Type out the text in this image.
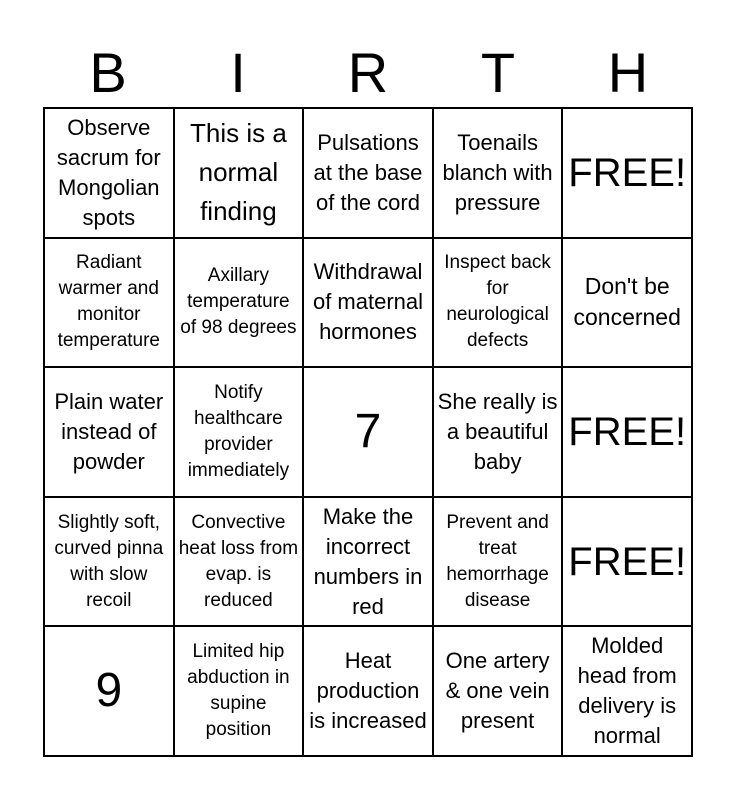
B	I	R	T	H
Observe sacrum for Mongolian spots
This is a normal finding
Pulsations at the base of the cord
Toenails blanch with pressure
FREE!
Radiant warmer and monitor temperature
Axillary temperature of 98 degrees
Withdrawal of maternal hormones
Inspect back for neurological defects
Don't be concerned
Plain water instead of powder
Notify healthcare provider immediately
7
She really is a beautiful baby
FREE!
Slightly soft, curved pinna with slow recoil
Convective heat loss from evap. is reduced
Make the incorrect numbers in red
Prevent and treat hemorrhage disease
FREE!
9
Limited hip abduction in supine position
Heat production is increased
One artery & one vein present
Molded head from delivery is normal
